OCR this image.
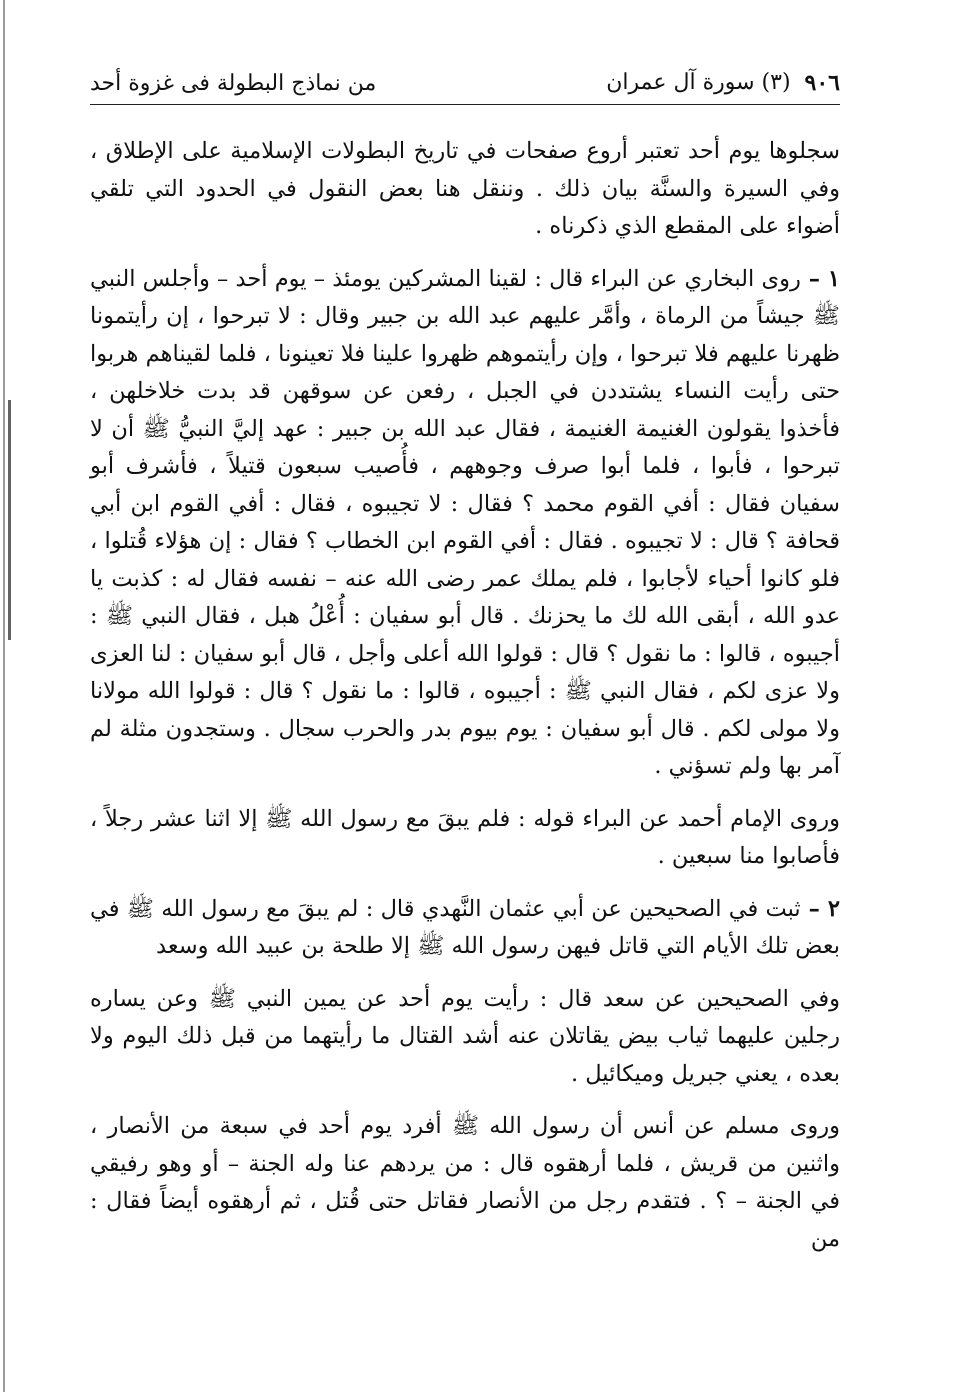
٩٠٦
(٣) سورة آل عمران
من نماذج البطولة فى غزوة أحد

سجلوها يوم أحد تعتبر أروع صفحات في تاريخ البطولات الإسلامية على الإطلاق ، وفي السيرة والسنَّة بيان ذلك . وننقل هنا بعض النقول في الحدود التي تلقي أضواء على المقطع الذي ذكرناه .

١ – روى البخاري عن البراء قال : لقينا المشركين يومئذ – يوم أحد – وأجلس النبي ﷺ جيشاً من الرماة ، وأمَّر عليهم عبد الله بن جبير وقال : لا تبرحوا ، إن رأيتمونا ظهرنا عليهم فلا تبرحوا ، وإن رأيتموهم ظهروا علينا فلا تعينونا ، فلما لقيناهم هربوا حتى رأيت النساء يشتددن في الجبل ، رفعن عن سوقهن قد بدت خلاخلهن ، فأخذوا يقولون الغنيمة الغنيمة ، فقال عبد الله بن جبير : عهد إليَّ النبيُّ ﷺ أن لا تبرحوا ، فأبوا ، فلما أبوا صرف وجوههم ، فأُصيب سبعون قتيلاً ، فأشرف أبو سفيان فقال : أفي القوم محمد ؟ فقال : لا تجيبوه ، فقال : أفي القوم ابن أبي قحافة ؟ قال : لا تجيبوه . فقال : أفي القوم ابن الخطاب ؟ فقال : إن هؤلاء قُتلوا ، فلو كانوا أحياء لأجابوا ، فلم يملك عمر رضى الله عنه – نفسه فقال له : كذبت يا عدو الله ، أبقى الله لك ما يحزنك . قال أبو سفيان : أُعْلُ هبل ، فقال النبي ﷺ : أجيبوه ، قالوا : ما نقول ؟ قال : قولوا الله أعلى وأجل ، قال أبو سفيان : لنا العزى ولا عزى لكم ، فقال النبي ﷺ : أجيبوه ، قالوا : ما نقول ؟ قال : قولوا الله مولانا ولا مولى لكم . قال أبو سفيان : يوم بيوم بدر والحرب سجال . وستجدون مثلة لم آمر بها ولم تسؤني .

وروى الإمام أحمد عن البراء قوله : فلم يبقَ مع رسول الله ﷺ إلا اثنا عشر رجلاً ، فأصابوا منا سبعين .

٢ – ثبت في الصحيحين عن أبي عثمان النَّهدي قال : لم يبقَ مع رسول الله ﷺ في بعض تلك الأيام التي قاتل فيهن رسول الله ﷺ إلا طلحة بن عبيد الله وسعد

وفي الصحيحين عن سعد قال : رأيت يوم أحد عن يمين النبي ﷺ وعن يساره رجلين عليهما ثياب بيض يقاتلان عنه أشد القتال ما رأيتهما من قبل ذلك اليوم ولا بعده ، يعني جبريل وميكائيل .

وروى مسلم عن أنس أن رسول الله ﷺ أفرد يوم أحد في سبعة من الأنصار ، واثنين من قريش ، فلما أرهقوه قال : من يردهم عنا وله الجنة – أو وهو رفيقي في الجنة – ؟ . فتقدم رجل من الأنصار فقاتل حتى قُتل ، ثم أرهقوه أيضاً فقال : من
